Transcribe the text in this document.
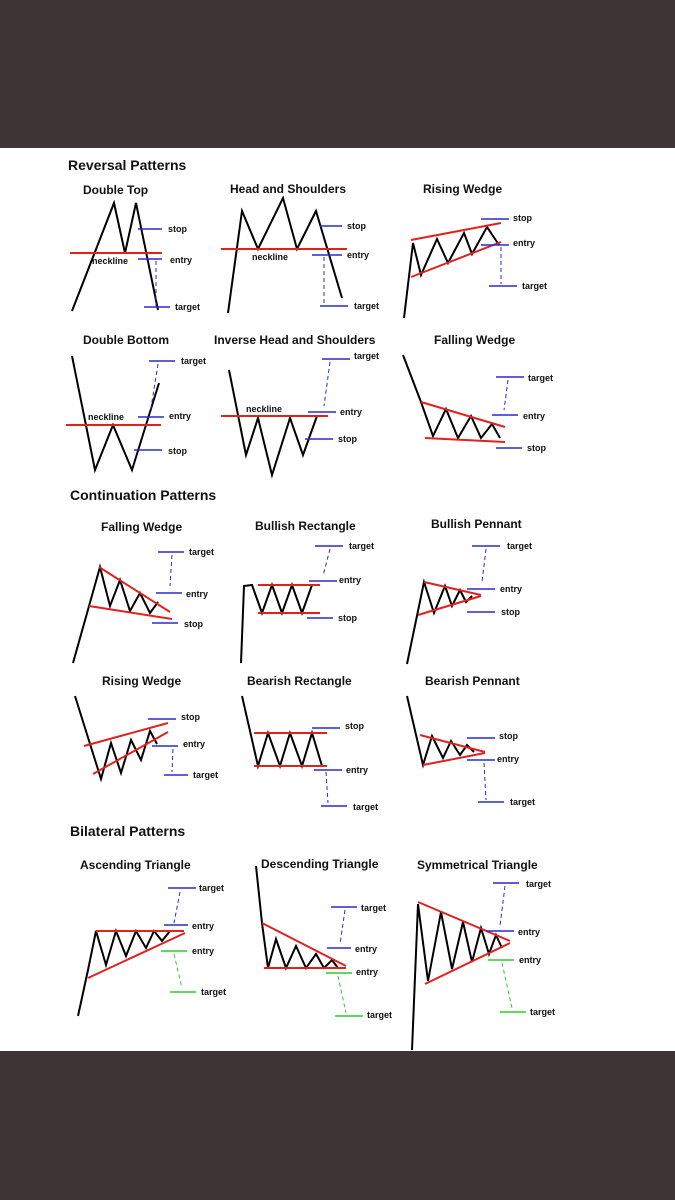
Reversal Patterns
Continuation Patterns
Bilateral Patterns
Double Top
neckline
stop
entry
target
Head and Shoulders
neckline
stop
entry
target
Rising Wedge
stop
entry
target
Double Bottom
neckline
target
entry
stop
Inverse Head and Shoulders
neckline
target
entry
stop
Falling Wedge
target
entry
stop
Falling Wedge
target
entry
stop
Bullish Rectangle
target
entry
stop
Bullish Pennant
target
entry
stop
Rising Wedge
stop
entry
target
Bearish Rectangle
stop
entry
target
Bearish Pennant
stop
entry
target
Ascending Triangle
target
entry
entry
target
Descending Triangle
target
entry
entry
target
Symmetrical Triangle
target
entry
entry
target
